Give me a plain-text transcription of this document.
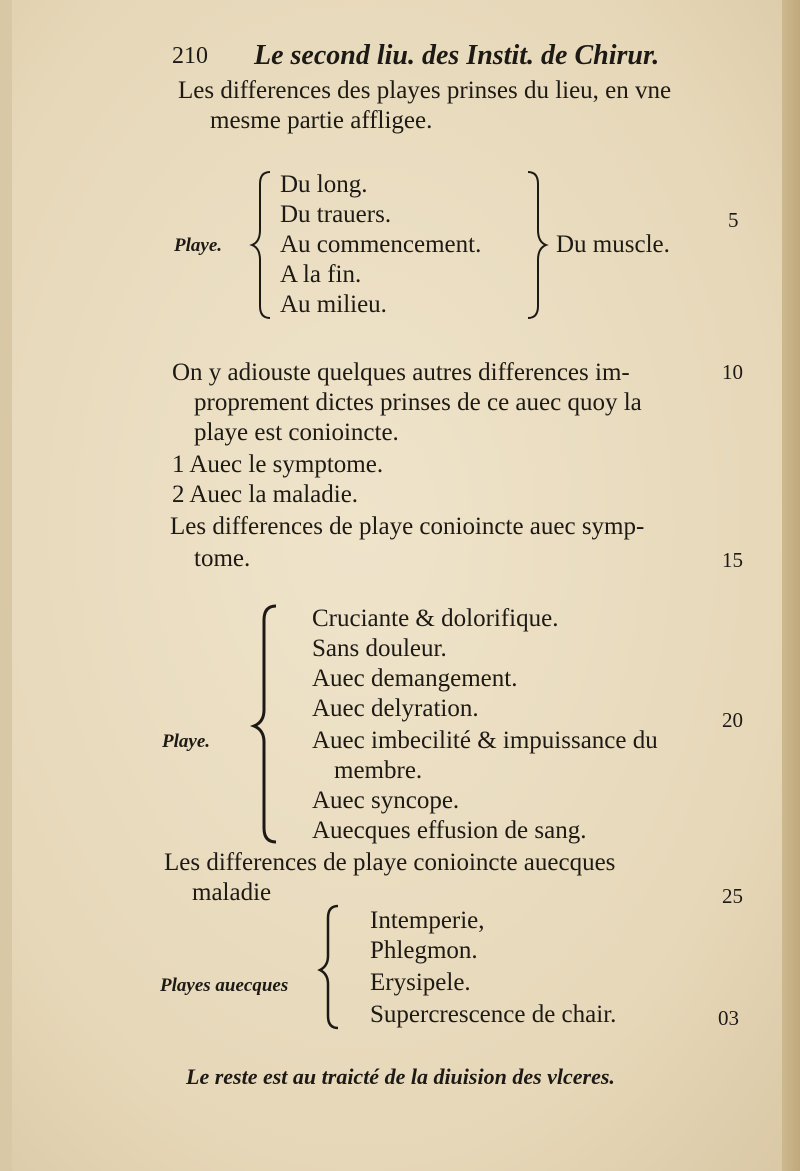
210 Le second liu. des Instit. de Chirur.
Les differences des playes prinses du lieu, en vne
mesme partie affligee.
Playe.
Du long.
Du trauers.
Au commencement.
A la fin.
Au milieu.
Du muscle.
On y adiouste quelques autres differences im-
proprement dictes prinses de ce auec quoy la
playe est conioincte.
1 Auec le symptome.
2 Auec la maladie.
Les differences de playe conioincte auec symp-
tome.
Playe.
Cruciante & dolorifique.
Sans douleur.
Auec demangement.
Auec delyration.
Auec imbecilité & impuissance du
membre.
Auec syncope.
Auecques effusion de sang.
Les differences de playe conioincte auecques
maladie
Playes auecques
Intemperie,
Phlegmon.
Erysipele.
Supercrescence de chair.
Le reste est au traicté de la diuision des vlceres.
5
10
15
20
25
03
